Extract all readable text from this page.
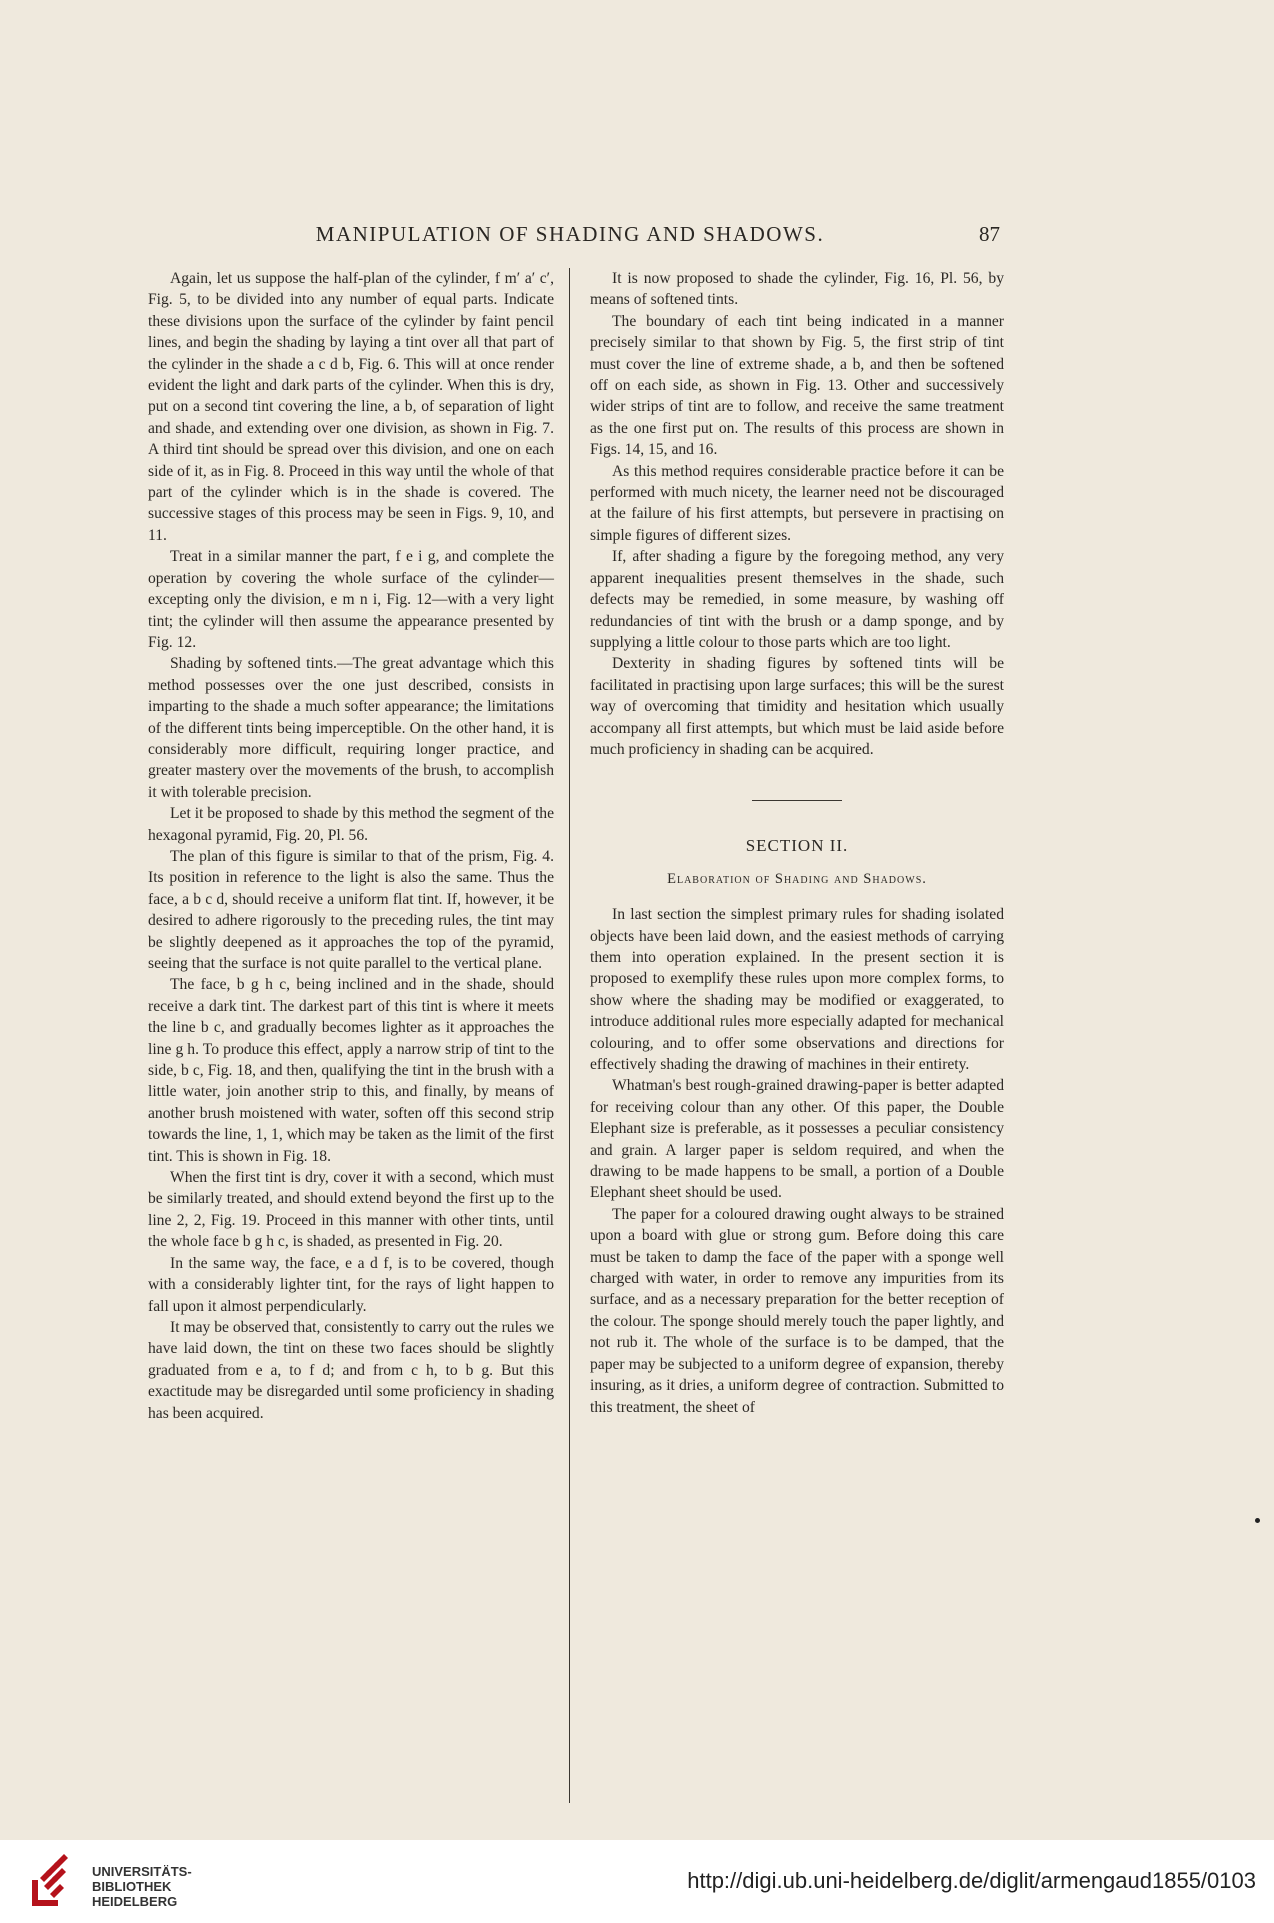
MANIPULATION OF SHADING AND SHADOWS.	87

Again, let us suppose the half-plan of the cylinder, f m′ a′ c′, Fig. 5, to be divided into any number of equal parts. Indicate these divisions upon the surface of the cylinder by faint pencil lines, and begin the shading by laying a tint over all that part of the cylinder in the shade a c d b, Fig. 6. This will at once render evident the light and dark parts of the cylinder. When this is dry, put on a second tint covering the line, a b, of separation of light and shade, and extending over one division, as shown in Fig. 7. A third tint should be spread over this division, and one on each side of it, as in Fig. 8. Proceed in this way until the whole of that part of the cylinder which is in the shade is covered. The successive stages of this process may be seen in Figs. 9, 10, and 11.

Treat in a similar manner the part, f e i g, and complete the operation by covering the whole surface of the cylinder—excepting only the division, e m n i, Fig. 12—with a very light tint; the cylinder will then assume the appearance presented by Fig. 12.

Shading by softened tints.—The great advantage which this method possesses over the one just described, consists in imparting to the shade a much softer appearance; the limitations of the different tints being imperceptible. On the other hand, it is considerably more difficult, requiring longer practice, and greater mastery over the movements of the brush, to accomplish it with tolerable precision.

Let it be proposed to shade by this method the segment of the hexagonal pyramid, Fig. 20, Pl. 56.

The plan of this figure is similar to that of the prism, Fig. 4. Its position in reference to the light is also the same. Thus the face, a b c d, should receive a uniform flat tint. If, however, it be desired to adhere rigorously to the preceding rules, the tint may be slightly deepened as it approaches the top of the pyramid, seeing that the surface is not quite parallel to the vertical plane.

The face, b g h c, being inclined and in the shade, should receive a dark tint. The darkest part of this tint is where it meets the line b c, and gradually becomes lighter as it approaches the line g h. To produce this effect, apply a narrow strip of tint to the side, b c, Fig. 18, and then, qualifying the tint in the brush with a little water, join another strip to this, and finally, by means of another brush moistened with water, soften off this second strip towards the line, 1, 1, which may be taken as the limit of the first tint. This is shown in Fig. 18.

When the first tint is dry, cover it with a second, which must be similarly treated, and should extend beyond the first up to the line 2, 2, Fig. 19. Proceed in this manner with other tints, until the whole face b g h c, is shaded, as presented in Fig. 20.

In the same way, the face, e a d f, is to be covered, though with a considerably lighter tint, for the rays of light happen to fall upon it almost perpendicularly.

It may be observed that, consistently to carry out the rules we have laid down, the tint on these two faces should be slightly graduated from e a, to f d; and from c h, to b g. But this exactitude may be disregarded until some proficiency in shading has been acquired.

It is now proposed to shade the cylinder, Fig. 16, Pl. 56, by means of softened tints.

The boundary of each tint being indicated in a manner precisely similar to that shown by Fig. 5, the first strip of tint must cover the line of extreme shade, a b, and then be softened off on each side, as shown in Fig. 13. Other and successively wider strips of tint are to follow, and receive the same treatment as the one first put on. The results of this process are shown in Figs. 14, 15, and 16.

As this method requires considerable practice before it can be performed with much nicety, the learner need not be discouraged at the failure of his first attempts, but persevere in practising on simple figures of different sizes.

If, after shading a figure by the foregoing method, any very apparent inequalities present themselves in the shade, such defects may be remedied, in some measure, by washing off redundancies of tint with the brush or a damp sponge, and by supplying a little colour to those parts which are too light.

Dexterity in shading figures by softened tints will be facilitated in practising upon large surfaces; this will be the surest way of overcoming that timidity and hesitation which usually accompany all first attempts, but which must be laid aside before much proficiency in shading can be acquired.

SECTION II.
Elaboration of Shading and Shadows.

In last section the simplest primary rules for shading isolated objects have been laid down, and the easiest methods of carrying them into operation explained. In the present section it is proposed to exemplify these rules upon more complex forms, to show where the shading may be modified or exaggerated, to introduce additional rules more especially adapted for mechanical colouring, and to offer some observations and directions for effectively shading the drawing of machines in their entirety.

Whatman's best rough-grained drawing-paper is better adapted for receiving colour than any other. Of this paper, the Double Elephant size is preferable, as it possesses a peculiar consistency and grain. A larger paper is seldom required, and when the drawing to be made happens to be small, a portion of a Double Elephant sheet should be used.

The paper for a coloured drawing ought always to be strained upon a board with glue or strong gum. Before doing this care must be taken to damp the face of the paper with a sponge well charged with water, in order to remove any impurities from its surface, and as a necessary preparation for the better reception of the colour. The sponge should merely touch the paper lightly, and not rub it. The whole of the surface is to be damped, that the paper may be subjected to a uniform degree of expansion, thereby insuring, as it dries, a uniform degree of contraction. Submitted to this treatment, the sheet of

UNIVERSITÄTS-
BIBLIOTHEK
HEIDELBERG
http://digi.ub.uni-heidelberg.de/diglit/armengaud1855/0103
